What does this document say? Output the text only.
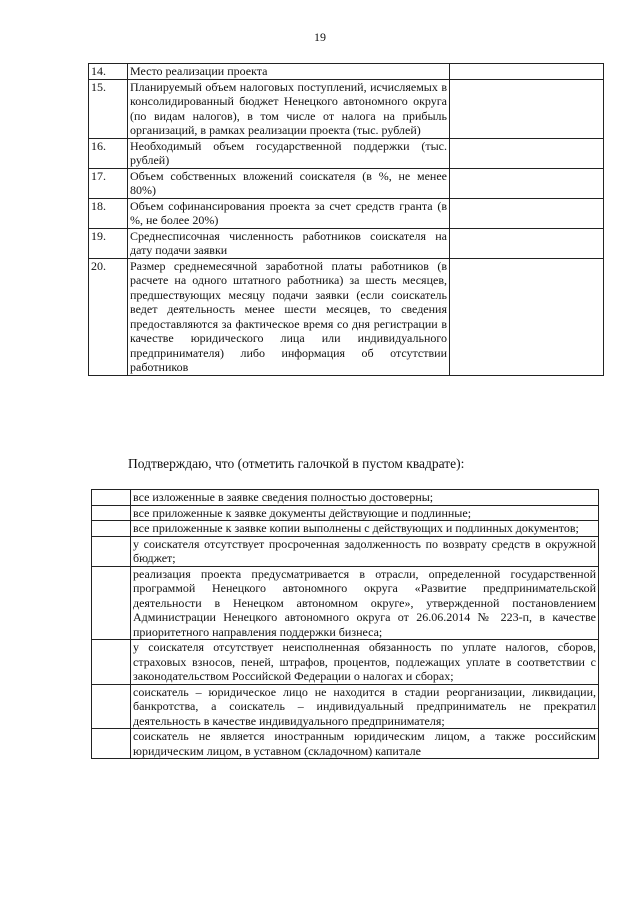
19
14.	Место реализации проекта	
15.	Планируемый объем налоговых поступлений, исчисляемых в консолидированный бюджет Ненецкого автономного округа (по видам налогов), в том числе от налога на прибыль организаций, в рамках реализации проекта (тыс. рублей)	
16.	Необходимый объем государственной поддержки (тыс. рублей)	
17.	Объем собственных вложений соискателя (в %, не менее 80%)	
18.	Объем софинансирования проекта за счет средств гранта (в %, не более 20%)	
19.	Среднесписочная численность работников соискателя на дату подачи заявки	
20.	Размер среднемесячной заработной платы работников (в расчете на одного штатного работника) за шесть месяцев, предшествующих месяцу подачи заявки (если соискатель ведет деятельность менее шести месяцев, то сведения предоставляются за фактическое время со дня регистрации в качестве юридического лица или индивидуального предпринимателя) либо информация об отсутствии работников	
Подтверждаю, что (отметить галочкой в пустом квадрате):
	все изложенные в заявке сведения полностью достоверны;
	все приложенные к заявке документы действующие и подлинные;
	все приложенные к заявке копии выполнены с действующих и подлинных документов;
	у соискателя отсутствует просроченная задолженность по возврату средств в окружной бюджет;
	реализация проекта предусматривается в отрасли, определенной государственной программой Ненецкого автономного округа «Развитие предпринимательской деятельности в Ненецком автономном округе», утвержденной постановлением Администрации Ненецкого автономного округа от 26.06.2014 № 223-п, в качестве приоритетного направления поддержки бизнеса;
	у соискателя отсутствует неисполненная обязанность по уплате налогов, сборов, страховых взносов, пеней, штрафов, процентов, подлежащих уплате в соответствии с законодательством Российской Федерации о налогах и сборах;
	соискатель – юридическое лицо не находится в стадии реорганизации, ликвидации, банкротства, а соискатель – индивидуальный предприниматель не прекратил деятельность в качестве индивидуального предпринимателя;
	соискатель не является иностранным юридическим лицом, а также российским юридическим лицом, в уставном (складочном) капитале
